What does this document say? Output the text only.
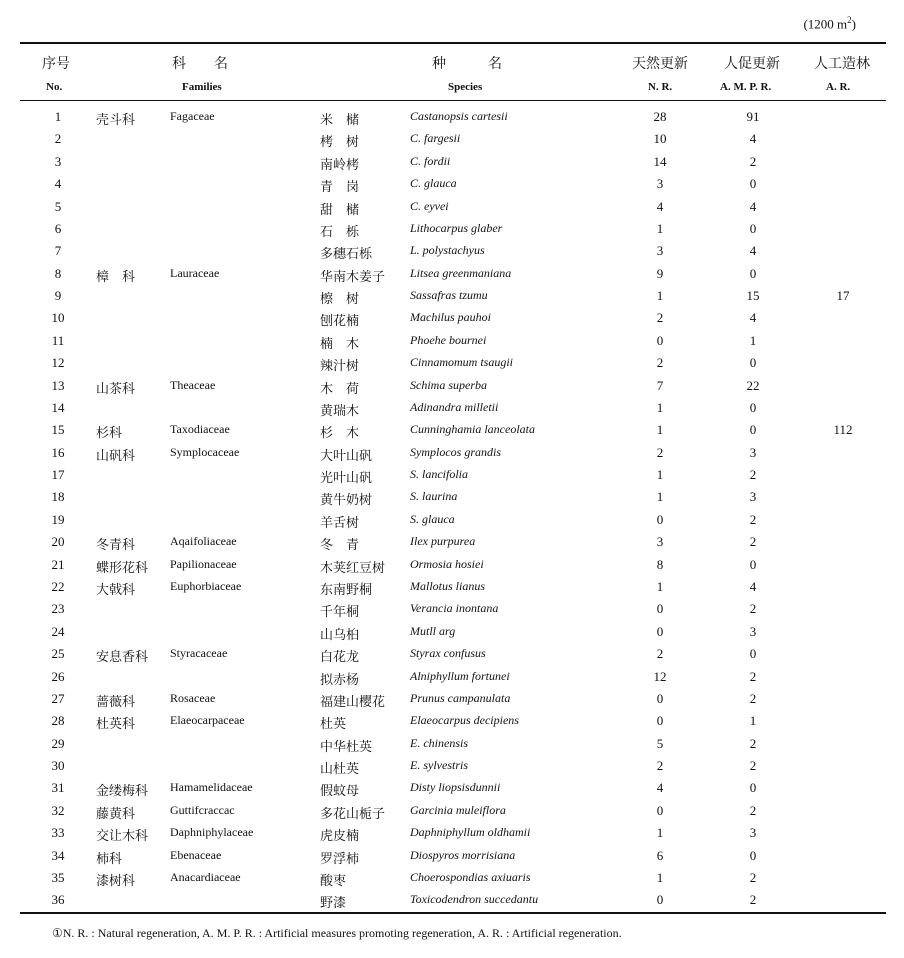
(1200 $m^2$)
序号
No.
科　　名
Families
种　　　名
Species
天然更新
N. R.
人促更新
A. M. P. R.
人工造林
A. R.
1	壳斗科	Fagaceae	米　槠	Castanopsis cartesii	28	91
2	栲　树	C. fargesii	10	4
3	南岭栲	C. fordii	14	2
4	青　岗	C. glauca	3	0
5	甜　槠	C. eyvei	4	4
6	石　栎	Lithocarpus glaber	1	0
7	多穗石栎	L. polystachyus	3	4
8	樟　科	Lauraceae	华南木姜子 Litsea greenmaniana	9	0
9	檫　树	Sassafras tzumu	1	15	17
10	刨花楠	Machilus pauhoi	2	4
11	楠　木	Phoehe bournei	0	1
12	辣汁树	Cinnamomum tsaugii	2	0
13	山茶科	Theaceae	木　荷	Schima superba	7	22
14	黄瑞木	Adinandra milletii	1	0
15	杉科	Taxodiaceae	杉　木	Cunninghamia lanceolata	1	0	112
16	山矾科	Symplocaceae	大叶山矾	Symplocos grandis	2	3
17	光叶山矾	S. lancifolia	1	2
18	黄牛奶树	S. laurina	1	3
19	羊舌树	S. glauca	0	2
20	冬青科	Aqaifoliaceae	冬　青	Ilex purpurea	3	2
21	蝶形花科 Papilionaceae	木荚红豆树 Ormosia hosiei	8	0
22	大戟科	Euphorbiaceae	东南野桐	Mallotus lianus	1	4
23	千年桐	Verancia inontana	0	2
24	山乌桕	Mutll arg	0	3
25	安息香科 Styracaceae	白花龙	Styrax confusus	2	0
26	拟赤杨	Alniphyllum fortunei	12	2
27	蔷薇科	Rosaceae	福建山樱花 Prunus campanulata	0	2
28	杜英科	Elaeocarpaceae	杜英	Elaeocarpus decipiens	0	1
29	中华杜英	E. chinensis	5	2
30	山杜英	E. sylvestris	2	2
31	金缕梅科 Hamamelidaceae	假蚊母	Disty liopsisdunnii	4	0
32	藤黄科	Guttifcraccac	多花山栀子 Garcinia muleiflora	0	2
33	交让木科 Daphniphylaceae	虎皮楠	Daphniphyllum oldhamii	1	3
34	柿科	Ebenaceae	罗浮柿	Diospyros morrisiana	6	0
35	漆树科	Anacardiaceae	酸枣	Choerospondias axiuaris	1	2
36	野漆	Toxicodendron succedantu	0	2
①N. R. : Natural regeneration, A. M. P. R. : Artificial measures promoting regeneration, A. R. : Artificial regeneration.
